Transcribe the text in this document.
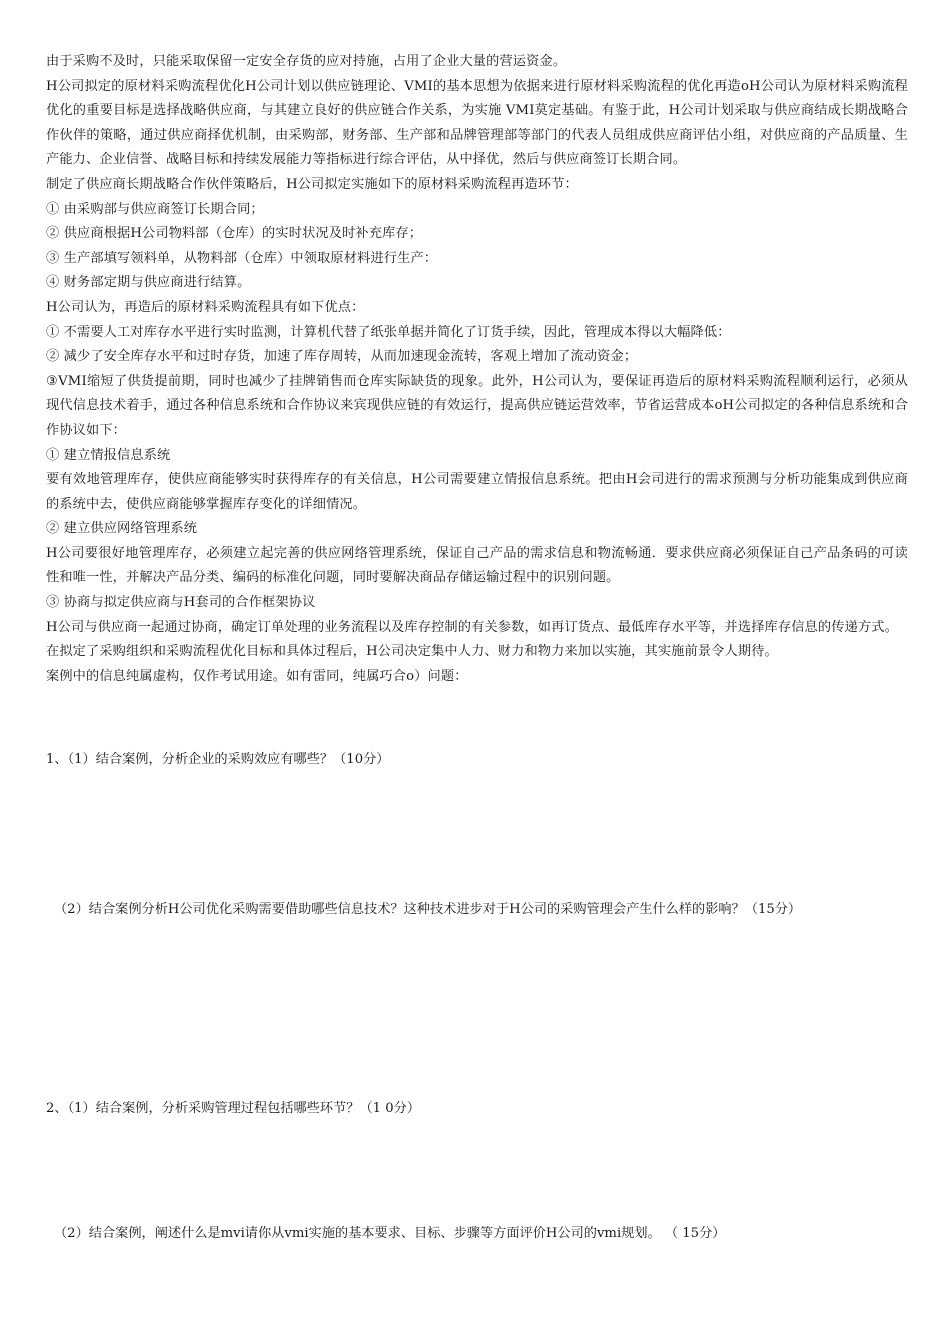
由于采购不及时，只能采取保留一定安全存货的应对持施，占用了企业大量的营运资金。

H公司拟定的原材料采购流程优化H公司计划以供应链理论、VMI的基本思想为依据来进行原材料采购流程的优化再造oH公司认为原材料采购流程优化的重要目标是选择战略供应商，与其建立良好的供应链合作关系，为实施 VMI莫定基础。有鉴于此，H公司计划采取与供应商结成长期战略合作伙伴的策略，通过供应商择优机制，由采购部，财务部、生产部和品牌管理部等部门的代表人员组成供应商评估小组，对供应商的产品质量、生产能力、企业信誉、战略目标和持续发展能力等指标进行综合评估，从中择优，然后与供应商签订长期合同。

制定了供应商长期战略合作伙伴策略后，H公司拟定实施如下的原材料采购流程再造环节：

① 由采购部与供应商签订长期合同；

② 供应商根据H公司物料部（仓库）的实时状况及时补充库存；

③ 生产部填写领料单，从物料部（仓库）中领取原材料进行生产：

④ 财务部定期与供应商进行结算。

H公司认为，再造后的原材料采购流程具有如下优点：

① 不需要人工对库存水平进行实时监测，计算机代替了纸张单据并简化了订货手续，因此，管理成本得以大幅降低：

② 减少了安全库存水平和过时存货，加速了库存周转，从而加速现金流转，客观上增加了流动资金；

③VMI缩短了供货提前期，同时也减少了挂牌销售而仓库实际缺货的现象。此外，H公司认为，要保证再造后的原材料采购流程顺利运行，必须从现代信息技术着手，通过各种信息系统和合作协议来宾现供应链的有效运行，提高供应链运营效率，节省运营成本oH公司拟定的各种信息系统和合作协议如下：

① 建立情报信息系统

要有效地管理库存，使供应商能够实时获得库存的有关信息，H公司需要建立情报信息系统。把由H会司进行的需求预测与分析功能集成到供应商的系统中去，使供应商能够掌握库存变化的详细情况。

② 建立供应网络管理系统

H公司要很好地管理库存，必须建立起完善的供应网络管理系统，保证自己产品的需求信息和物流畅通．要求供应商必须保证自己产品条码的可读性和唯一性，并解决产品分类、编码的标准化问题，同时要解决商品存储运输过程中的识别问题。

③ 协商与拟定供应商与H套司的合作框架协议

H公司与供应商一起通过协商，确定订单处理的业务流程以及库存控制的有关参数，如再订货点、最低库存水平等，并选择库存信息的传递方式。

在拟定了采购组织和采购流程优化目标和具体过程后，H公司决定集中人力、财力和物力来加以实施，其实施前景令人期待。

案例中的信息纯属虚构，仅作考试用途。如有雷同，纯属巧合o）问题：

1、（1）结合案例，分析企业的采购效应有哪些？（10分）

（2）结合案例分析H公司优化采购需要借助哪些信息技术？这种技术进步对于H公司的采购管理会产生什么样的影响？（15分）

2、（1）结合案例，分析采购管理过程包括哪些环节？（1 0分）

（2）结合案例，阐述什么是mvi请你从vmi实施的基本要求、目标、步骤等方面评价H公司的vmi规划。 （ 15分）
